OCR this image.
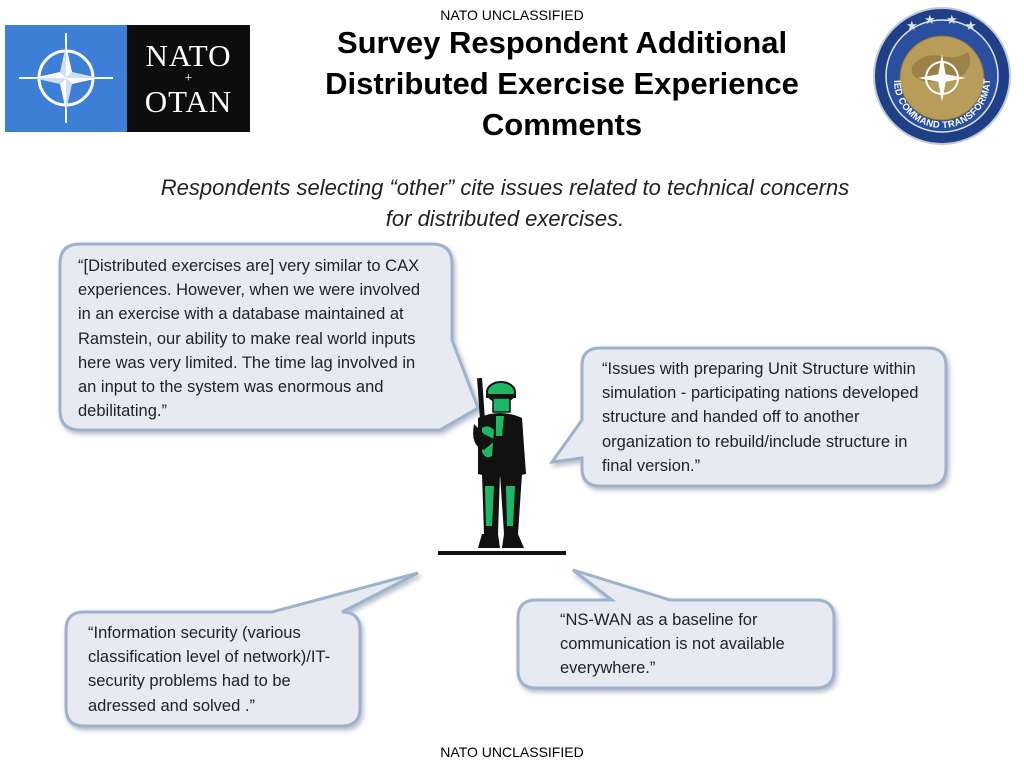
NATO UNCLASSIFIED
NATO
+
OTAN
Survey Respondent Additional
Distributed Exercise Experience
Comments
★ ★ ★ ★
IED COMMAND TRANSFORMAT
Respondents selecting “other” cite issues related to technical concerns
for distributed exercises.
“[Distributed exercises are] very similar to CAX
experiences. However, when we were involved
in an exercise with a database maintained at
Ramstein, our ability to make real world inputs
here was very limited. The time lag involved in
an input to the system was enormous and
debilitating.”
“Issues with preparing Unit Structure within
simulation - participating nations developed
structure and handed off to another
organization to rebuild/include structure in
final version.”
“Information security (various
classification level of network)/IT-
security problems had to be
adressed and solved .”
“NS-WAN as a baseline for
communication is not available
everywhere.”
NATO UNCLASSIFIED
